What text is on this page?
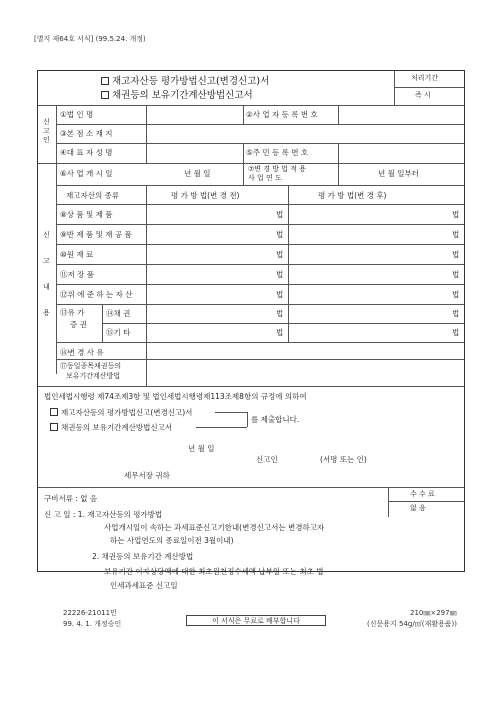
[별지 제64호 서식] (99.5.24. 개정)
재고자산등 평가방법신고(변경신고)서
채권등의 보유기간계산방법신고서
처리기간
즉 시
신
고
인
①법 인 명	②사 업 자 등 록 번 호
③본 점 소 재 지
④대 표 자 성 명	⑤주 민 등 록 번 호
⑥사 업 개 시 일	년 월 일	⑦변 경 방 법 적 용
사 업 연 도	년 월 일부터
신
고
내
용
재고자산의 종류	평 가 방 법(변 경 전)	평 가 방 법(변 경 후)
⑧상 품 및 제 품	법	법
⑨반 제 품 및 재 공 품	법	법
⑩원 재 료	법	법
⑪저 장 품	법	법
⑫위 에 준 하 는 자 산	법	법
⑬유 가
증 권
⑭채 권	법	법
⑮기 타	법	법
⑯변 경 사 유
⑰동일종목채권등의
보유기간계산방법
법인세법시행령 제74조제3항 및 법인세법시행령제113조제8항의 규정에 의하여
재고자산등의 평가방법신고(변경신고)서
채권등의 보유기간계산방법신고서
를 제출합니다.
년 월 일
신고인	(서명 또는 인)
세무서장 귀하
구비서류 : 없 음	수 수 료
없 음
신 고 일 : 1. 재고자산등의 평가방법
사업개시일이 속하는 과세표준신고기한내(변경신고서는 변경하고자
하는 사업연도의 종료일이전 3월이내)
2. 채권등의 보유기간 계산방법
보유기간 이자상당액에 대한 최초원천징수세액 납부일 또는 최초 법
인세과세표준 신고일
22226-21011민
99. 4. 1. 개정승인	이 서식은 무료로 배부합니다
210㎜×297㎜
(신문용지 54g/㎡(재활용품))
